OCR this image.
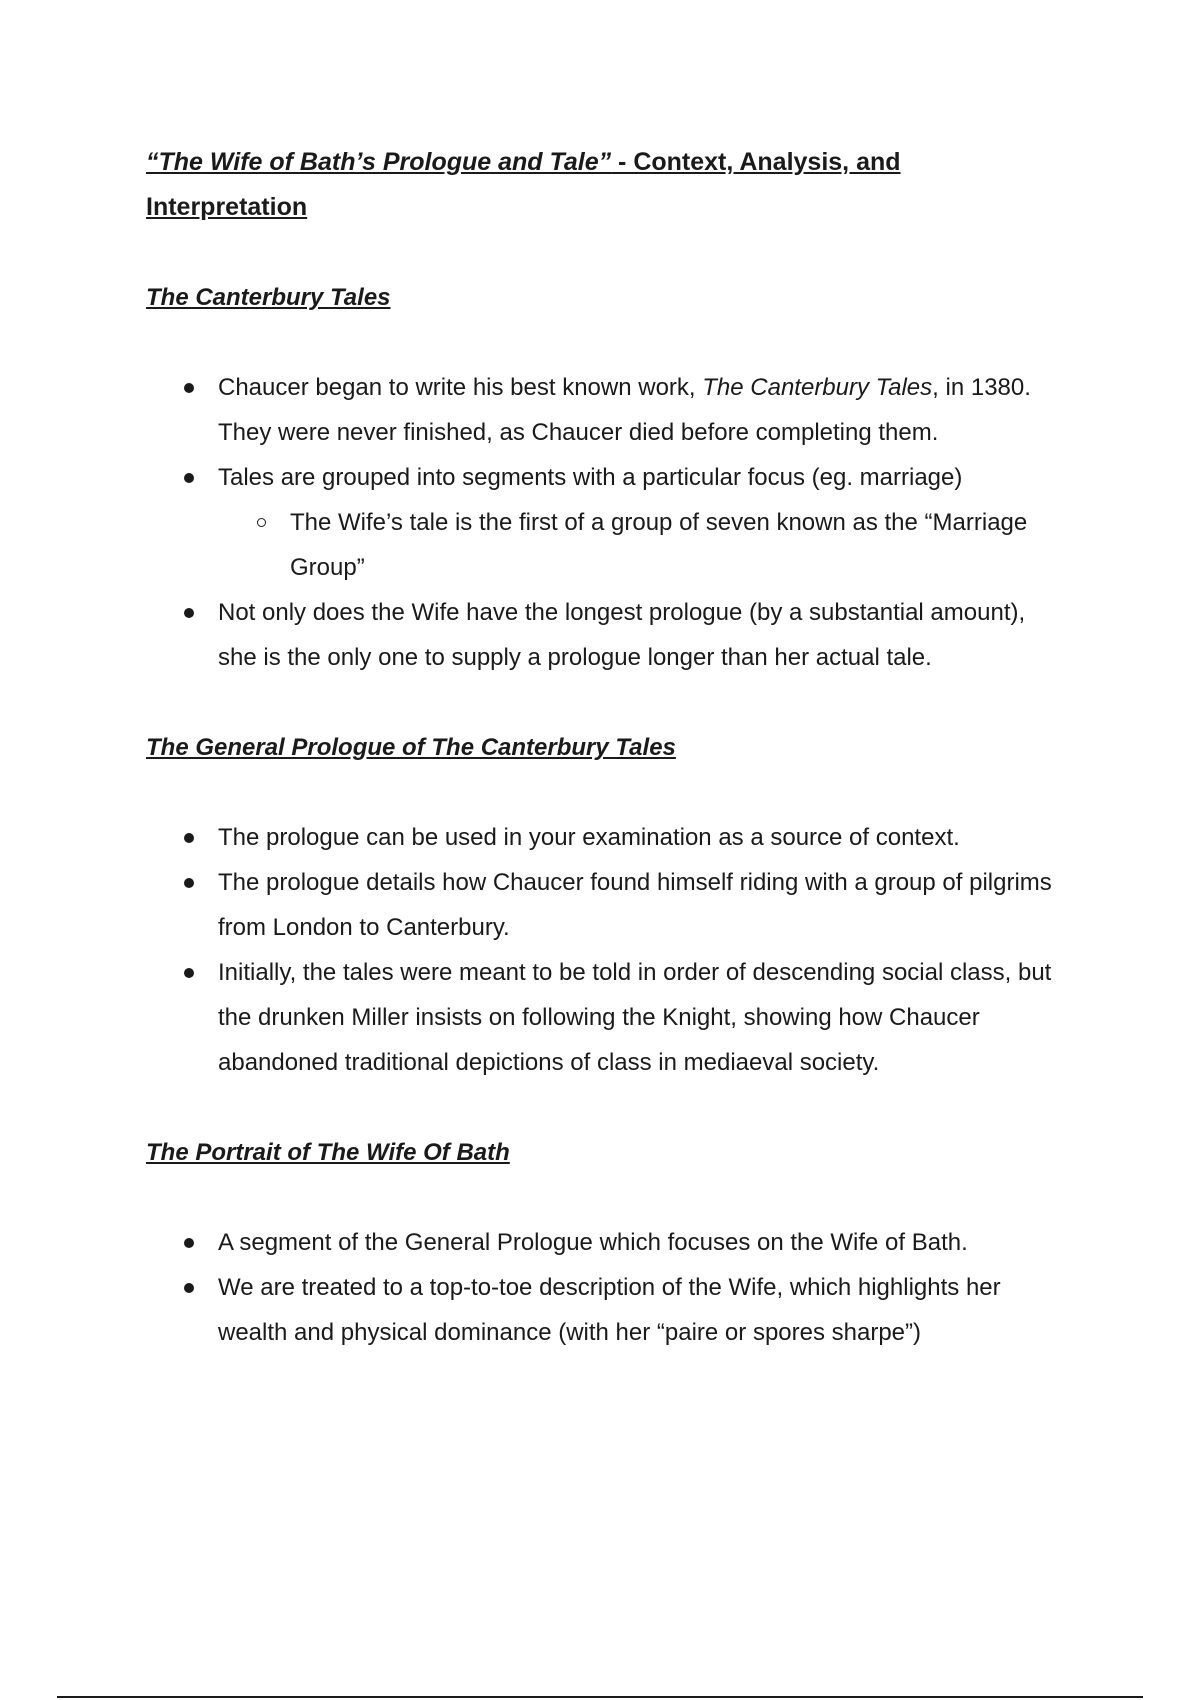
“The Wife of Bath’s Prologue and Tale” - Context, Analysis, and Interpretation
The Canterbury Tales
Chaucer began to write his best known work, The Canterbury Tales, in 1380. They were never finished, as Chaucer died before completing them.
Tales are grouped into segments with a particular focus (eg. marriage)
The Wife’s tale is the first of a group of seven known as the “Marriage Group”
Not only does the Wife have the longest prologue (by a substantial amount), she is the only one to supply a prologue longer than her actual tale.
The General Prologue of The Canterbury Tales
The prologue can be used in your examination as a source of context.
The prologue details how Chaucer found himself riding with a group of pilgrims from London to Canterbury.
Initially, the tales were meant to be told in order of descending social class, but the drunken Miller insists on following the Knight, showing how Chaucer abandoned traditional depictions of class in mediaeval society.
The Portrait of The Wife Of Bath
A segment of the General Prologue which focuses on the Wife of Bath.
We are treated to a top-to-toe description of the Wife, which highlights her wealth and physical dominance (with her “paire or spores sharpe”)
